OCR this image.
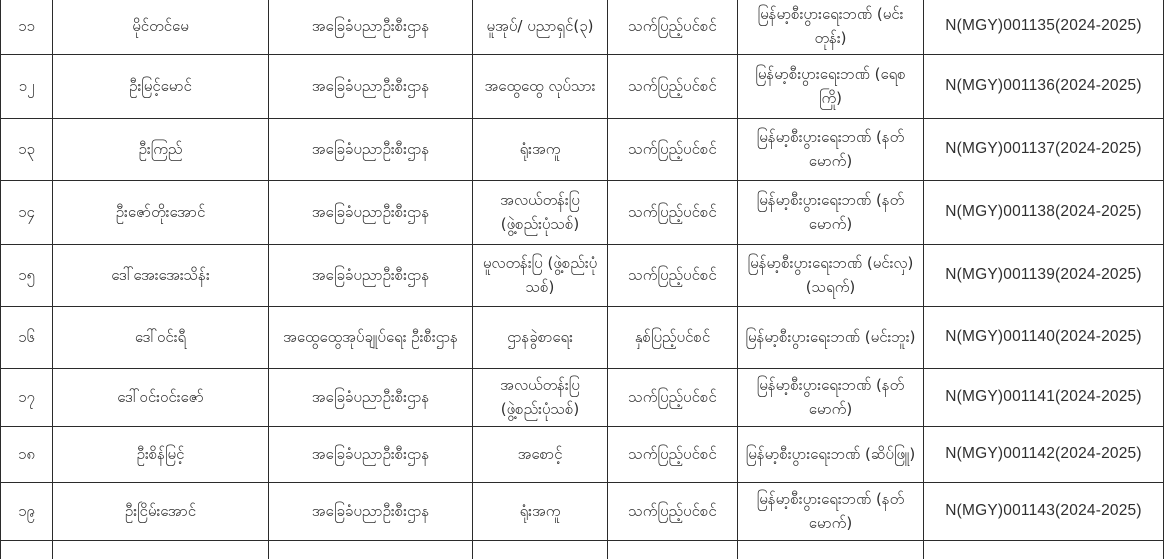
၁၁	မိုင်တင်မေ	အခြေခံပညာဦးစီးဌာန	မူအုပ်/ ပညာရှင်(၃)	သက်ပြည့်ပင်စင်	မြန်မာ့စီးပွားရေးဘဏ် (မင်းတုန်း)	N(MGY)001135(2024-2025)
၁၂	ဦးမြင့်မောင်	အခြေခံပညာဦးစီးဌာန	အထွေထွေ လုပ်သား	သက်ပြည့်ပင်စင်	မြန်မာ့စီးပွားရေးဘဏ် (ရေစကြို)	N(MGY)001136(2024-2025)
၁၃	ဦးကြည်	အခြေခံပညာဦးစီးဌာန	ရုံးအကူ	သက်ပြည့်ပင်စင်	မြန်မာ့စီးပွားရေးဘဏ် (နတ်မောက်)	N(MGY)001137(2024-2025)
၁၄	ဦးဇော်တိုးအောင်	အခြေခံပညာဦးစီးဌာန	အလယ်တန်းပြ (ဖွဲ့စည်းပုံသစ်)	သက်ပြည့်ပင်စင်	မြန်မာ့စီးပွားရေးဘဏ် (နတ်မောက်)	N(MGY)001138(2024-2025)
၁၅	ဒေါ်အေးအေးသိန်း	အခြေခံပညာဦးစီးဌာန	မူလတန်းပြ (ဖွဲ့စည်းပုံသစ်)	သက်ပြည့်ပင်စင်	မြန်မာ့စီးပွားရေးဘဏ် (မင်းလှ)(သရက်)	N(MGY)001139(2024-2025)
၁၆	ဒေါ်ဝင်းရီ	အထွေထွေအုပ်ချုပ်ရေး ဦးစီးဌာန	ဌာနခွဲစာရေး	နှစ်ပြည့်ပင်စင်	မြန်မာ့စီးပွားရေးဘဏ် (မင်းဘူး)	N(MGY)001140(2024-2025)
၁၇	ဒေါ်ဝင်းဝင်းဇော်	အခြေခံပညာဦးစီးဌာန	အလယ်တန်းပြ (ဖွဲ့စည်းပုံသစ်)	သက်ပြည့်ပင်စင်	မြန်မာ့စီးပွားရေးဘဏ် (နတ်မောက်)	N(MGY)001141(2024-2025)
၁၈	ဦးစိန်မြင့်	အခြေခံပညာဦးစီးဌာန	အစောင့်	သက်ပြည့်ပင်စင်	မြန်မာ့စီးပွားရေးဘဏ် (ဆိပ်ဖြူ)	N(MGY)001142(2024-2025)
၁၉	ဦးငြိမ်းအောင်	အခြေခံပညာဦးစီးဌာန	ရုံးအကူ	သက်ပြည့်ပင်စင်	မြန်မာ့စီးပွားရေးဘဏ် (နတ်မောက်)	N(MGY)001143(2024-2025)
